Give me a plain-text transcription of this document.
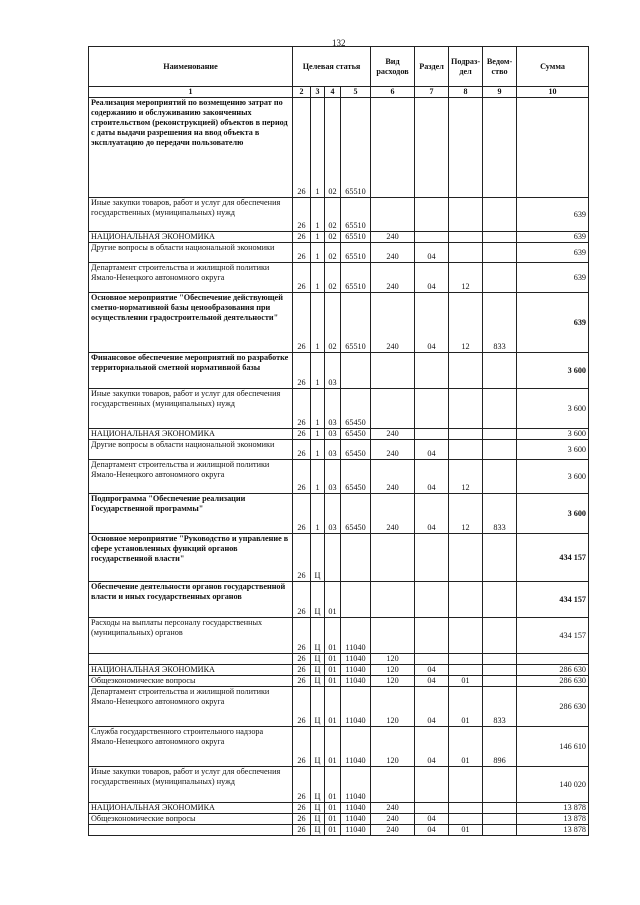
132
Наименование	Целевая статья				Вид расходов	Раздел	Подраз-дел	Ведом-ство	Сумма
1	2	3	4	5	6	7	8	9	10
Реализация мероприятий по возмещению затрат по содержанию и обслуживанию законченных строительством (реконструкцией) объектов в период с даты выдачи разрешения на ввод объекта в эксплуатацию до передачи пользователю	26	1	02	65510					
Иные закупки товаров, работ и услуг для обеспечения государственных (муниципальных) нужд	26	1	02	65510					639
НАЦИОНАЛЬНАЯ ЭКОНОМИКА	26	1	02	65510	240				639
Другие вопросы в области национальной экономики	26	1	02	65510	240	04			639
Департамент строительства и жилищной политики Ямало-Ненецкого автономного округа	26	1	02	65510	240	04	12		639
Основное мероприятие "Обеспечение действующей сметно-нормативной базы ценообразования при осуществлении градостроительной деятельности"	26	1	02	65510	240	04	12	833	639
Финансовое обеспечение мероприятий по разработке территориальной сметной нормативной базы	26	1	03						3 600
Иные закупки товаров, работ и услуг для обеспечения государственных (муниципальных) нужд	26	1	03	65450					3 600
НАЦИОНАЛЬНАЯ ЭКОНОМИКА	26	1	03	65450	240				3 600
Другие вопросы в области национальной экономики	26	1	03	65450	240	04			3 600
Департамент строительства и жилищной политики Ямало-Ненецкого автономного округа	26	1	03	65450	240	04	12		3 600
Подпрограмма "Обеспечение реализации Государственной программы"	26	1	03	65450	240	04	12	833	3 600
Основное мероприятие "Руководство и управление в сфере установленных функций органов государственной власти"	26	Ц							434 157
Обеспечение деятельности органов государственной власти и иных государственных органов	26	Ц	01						434 157
Расходы на выплаты персоналу государственных (муниципальных) органов	26	Ц	01	11040					434 157
	26	Ц	01	11040	120				
НАЦИОНАЛЬНАЯ ЭКОНОМИКА	26	Ц	01	11040	120	04			286 630
Общеэкономические вопросы	26	Ц	01	11040	120	04	01		286 630
Департамент строительства и жилищной политики Ямало-Ненецкого автономного округа	26	Ц	01	11040	120	04	01	833	286 630
Служба государственного строительного надзора Ямало-Ненецкого автономного округа	26	Ц	01	11040	120	04	01	896	146 610
Иные закупки товаров, работ и услуг для обеспечения государственных (муниципальных) нужд	26	Ц	01	11040					140 020
НАЦИОНАЛЬНАЯ ЭКОНОМИКА	26	Ц	01	11040	240				13 878
Общеэкономические вопросы	26	Ц	01	11040	240	04			13 878
	26	Ц	01	11040	240	04	01		13 878
